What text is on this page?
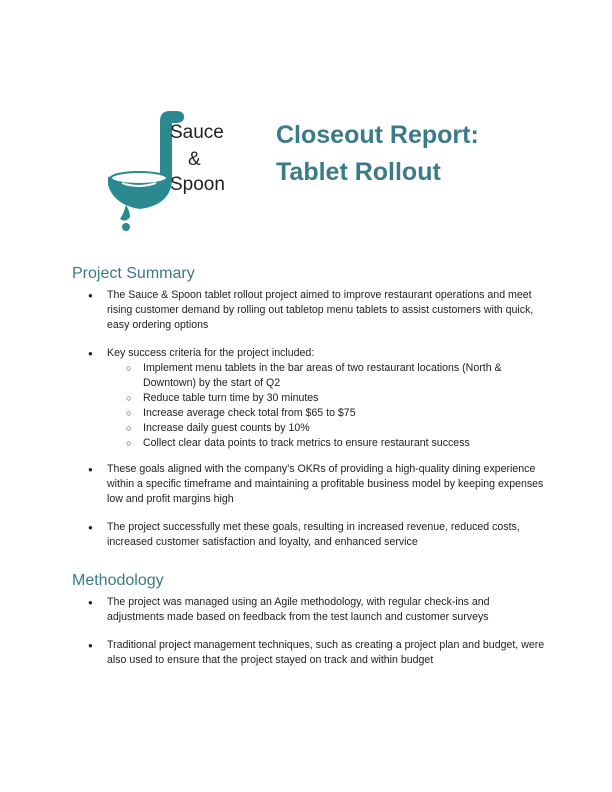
Sauce
&
Spoon
Closeout Report:
Tablet Rollout
Project Summary
● The Sauce & Spoon tablet rollout project aimed to improve restaurant operations and meet rising customer demand by rolling out tabletop menu tablets to assist customers with quick, easy ordering options
● Key success criteria for the project included:
○ Implement menu tablets in the bar areas of two restaurant locations (North & Downtown) by the start of Q2
○ Reduce table turn time by 30 minutes
○ Increase average check total from $65 to $75
○ Increase daily guest counts by 10%
○ Collect clear data points to track metrics to ensure restaurant success
● These goals aligned with the company's OKRs of providing a high-quality dining experience within a specific timeframe and maintaining a profitable business model by keeping expenses low and profit margins high
● The project successfully met these goals, resulting in increased revenue, reduced costs, increased customer satisfaction and loyalty, and enhanced service
Methodology
● The project was managed using an Agile methodology, with regular check-ins and adjustments made based on feedback from the test launch and customer surveys
● Traditional project management techniques, such as creating a project plan and budget, were also used to ensure that the project stayed on track and within budget
